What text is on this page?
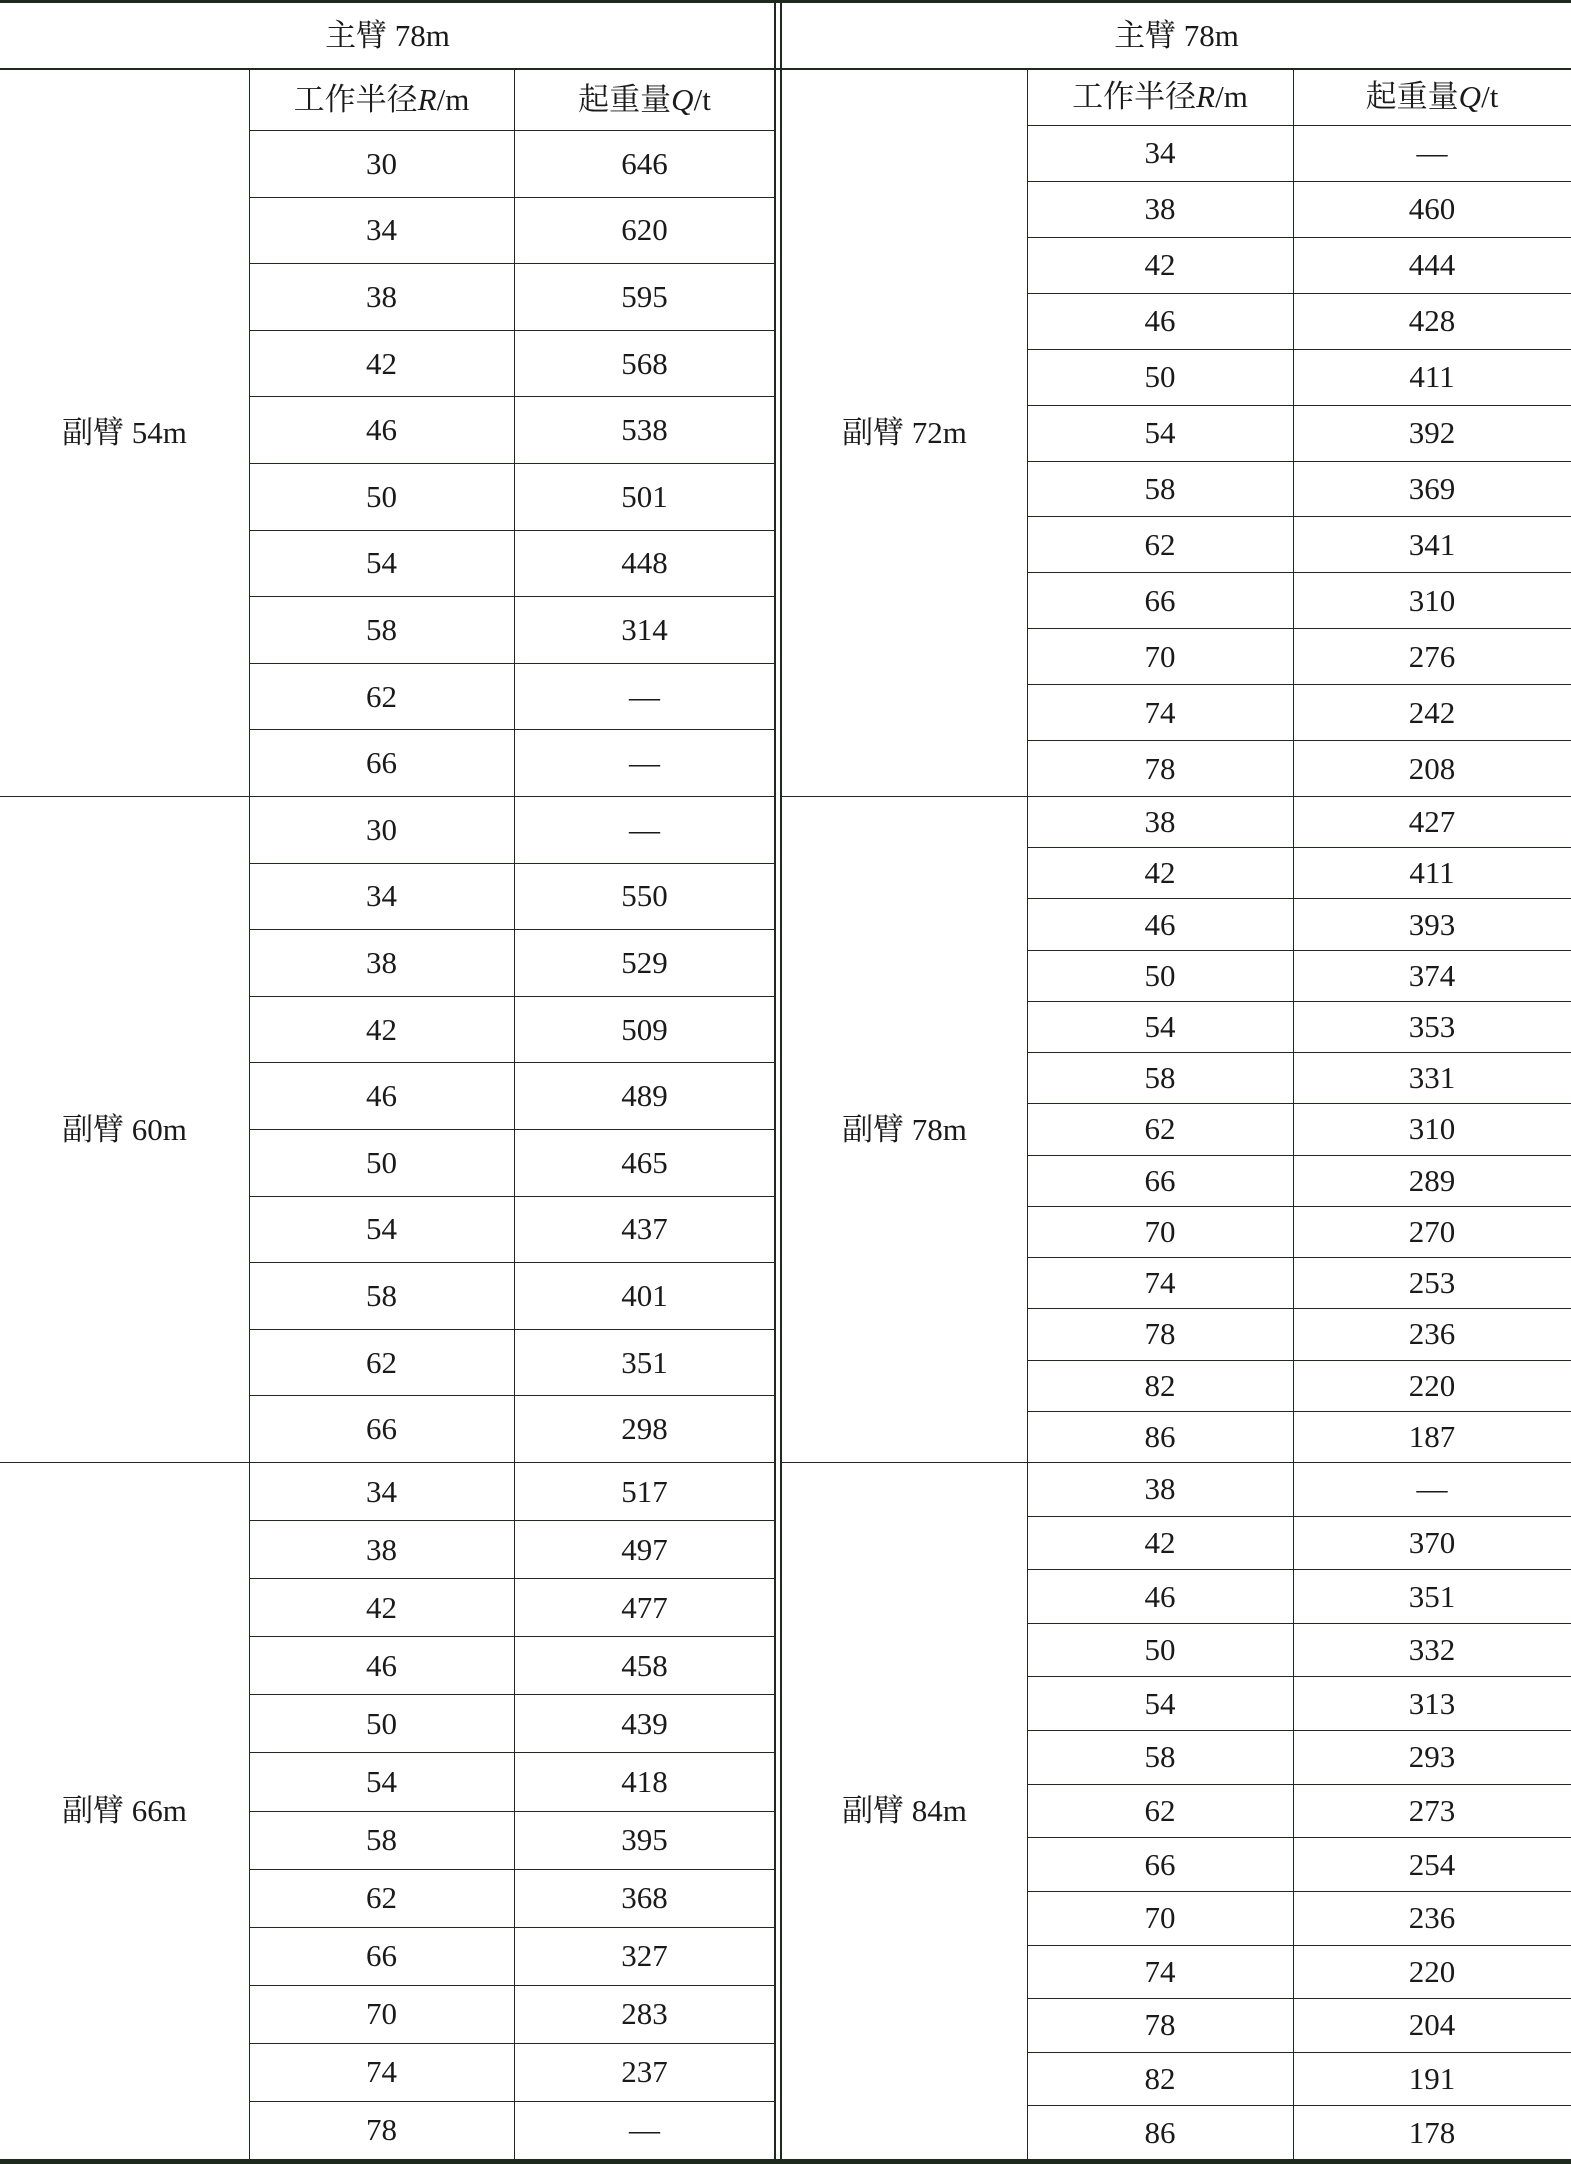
主臂 78m	主臂 78m
副臂 54m
工 作 半 径 R / m	起 重 量 Q / t
30	646
34	620
38	595
42	568
46	538
50	501
54	448
58	314
62	—
66	—
副臂 60m
30	—
34	550
38	529
42	509
46	489
50	465
54	437
58	401
62	351
66	298
副臂 66m
34	517
38	497
42	477
46	458
50	439
54	418
58	395
62	368
66	327
70	283
74	237
78	—
副臂 72m
工 作 半 径 R / m	起 重 量 Q / t
34	—
38	460
42	444
46	428
50	411
54	392
58	369
62	341
66	310
70	276
74	242
78	208
副臂 78m
38	427
42	411
46	393
50	374
54	353
58	331
62	310
66	289
70	270
74	253
78	236
82	220
86	187
副臂 84m
38	—
42	370
46	351
50	332
54	313
58	293
62	273
66	254
70	236
74	220
78	204
82	191
86	178
